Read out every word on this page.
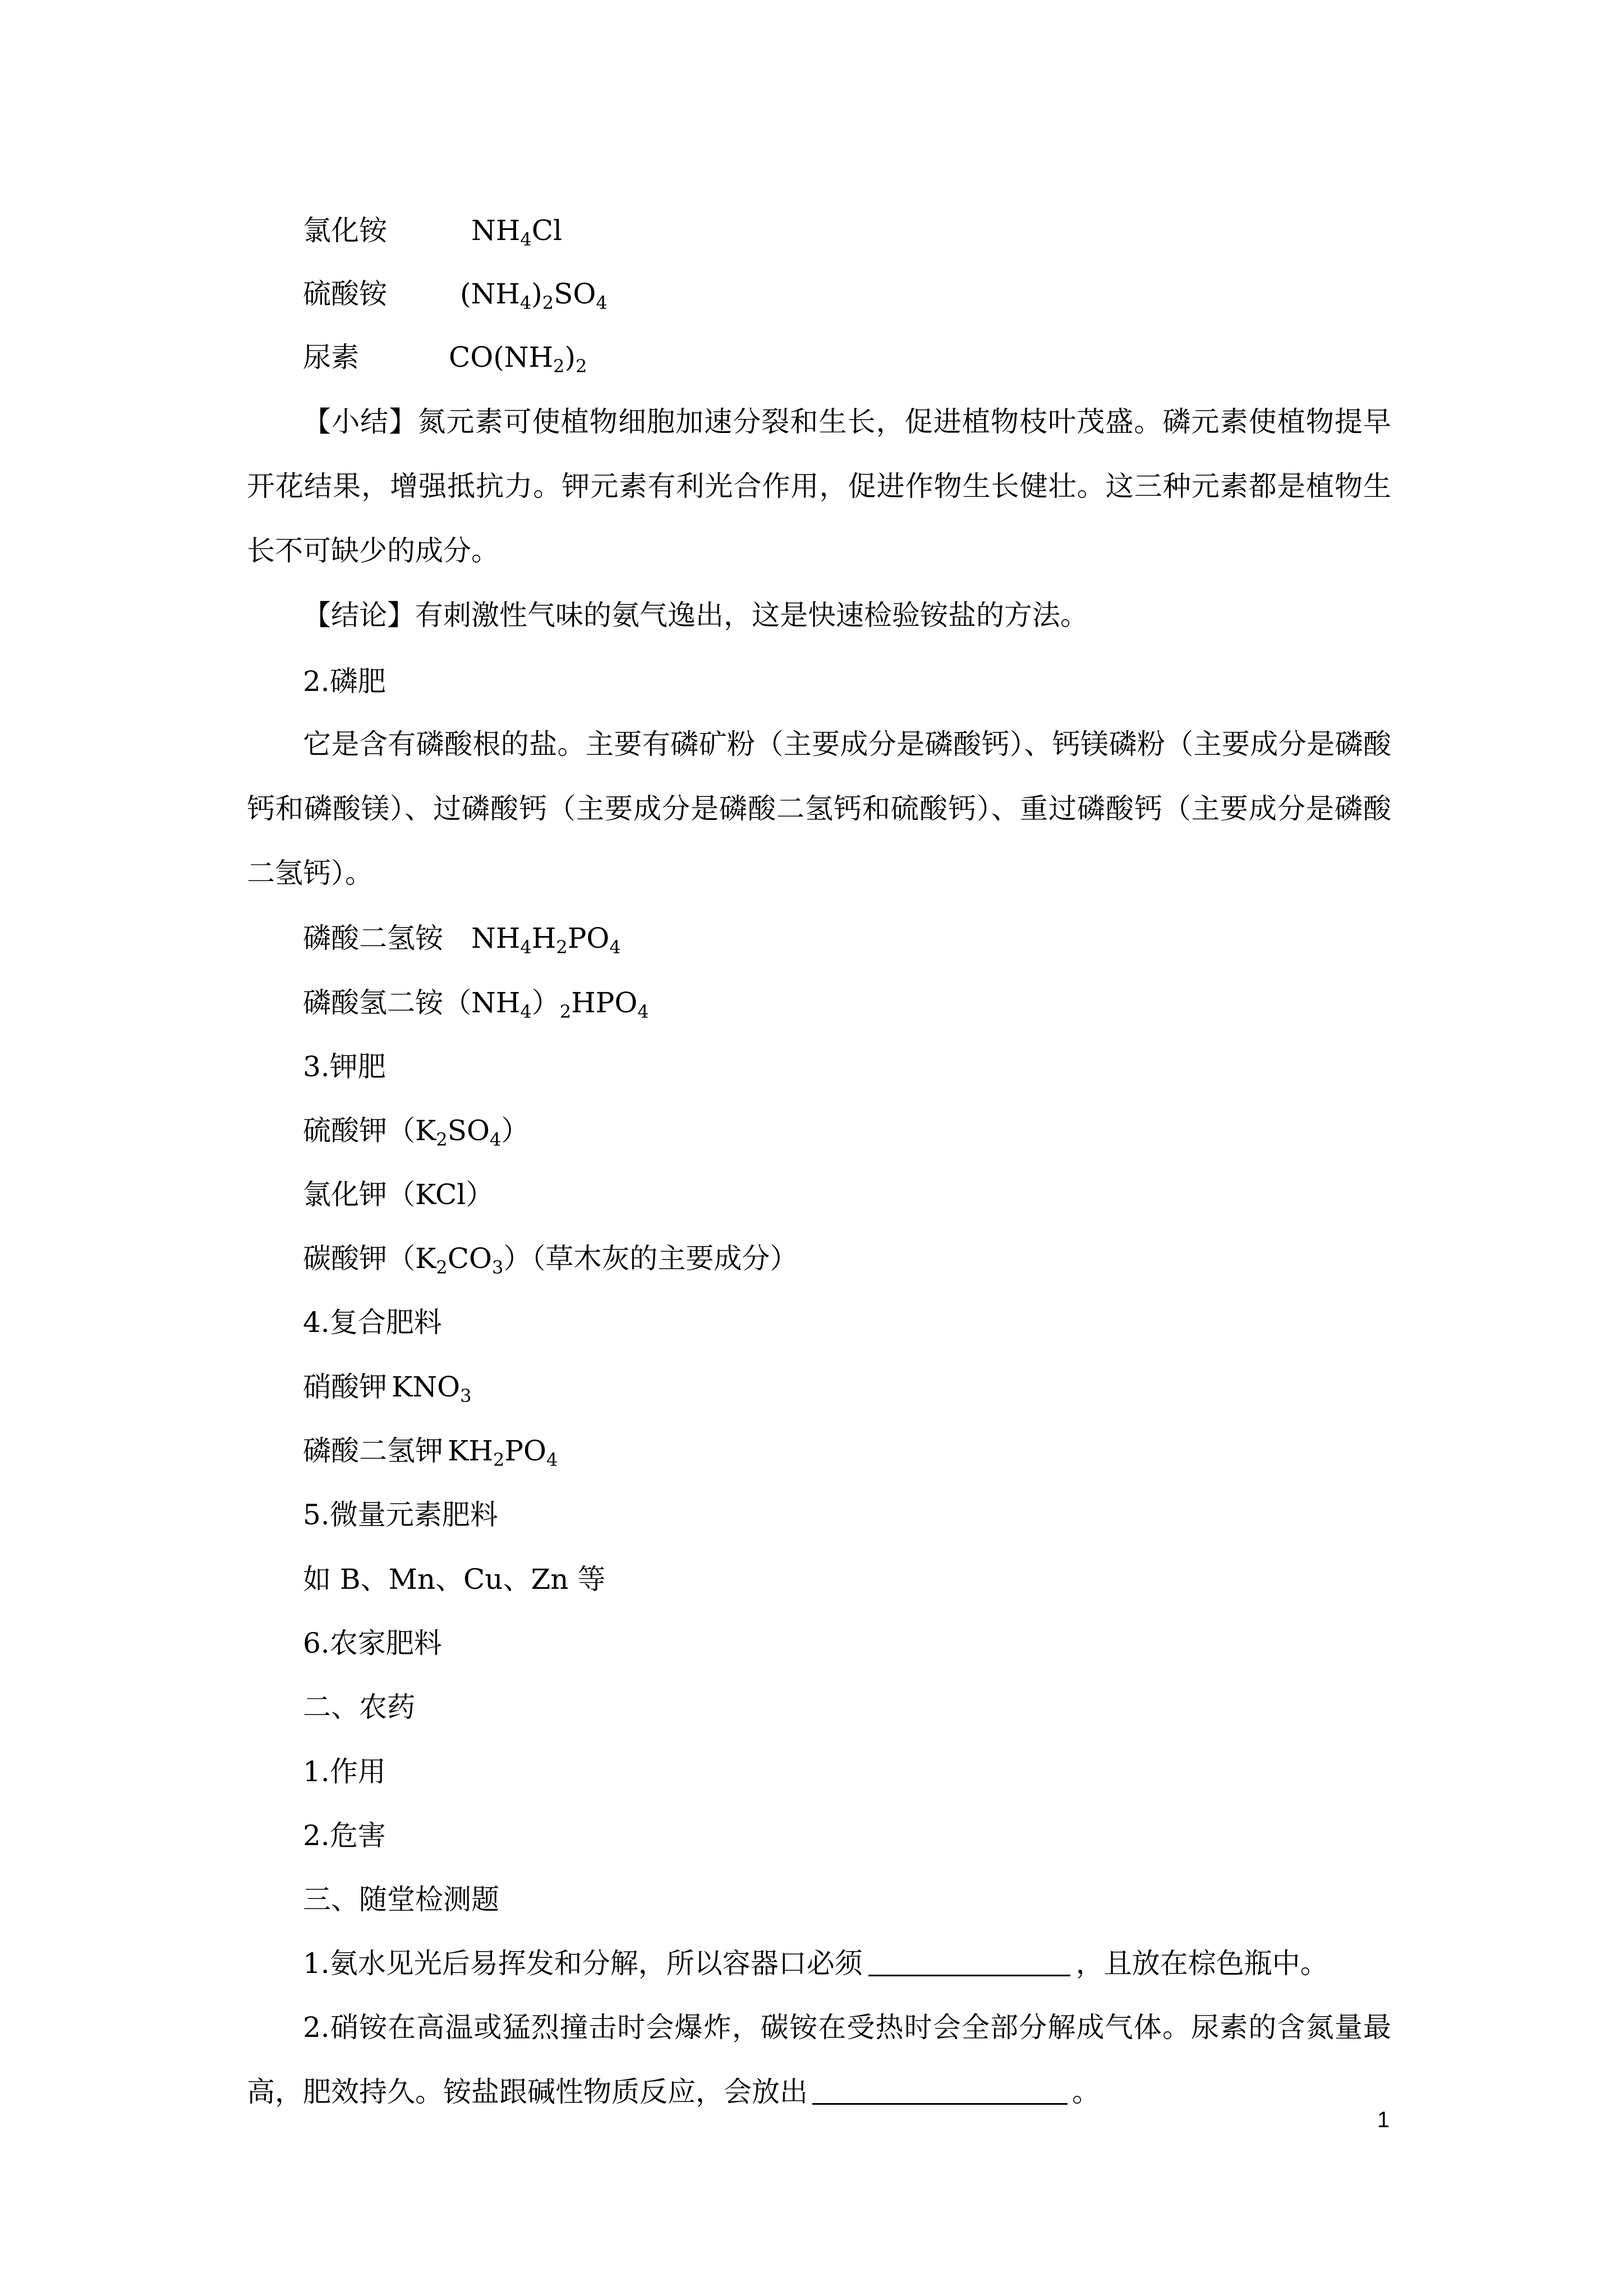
氯化铵	$NH_4Cl$
硫酸铵	$(NH_4)_2SO_4$
尿素	$CO(NH_2)_2$
【小结】氮元素可使植物细胞加速分裂和生长，促进植物枝叶茂盛。磷元素使植物提早开花结果，增强抵抗力。钾元素有利光合作用，促进作物生长健壮。这三种元素都是植物生长不可缺少的成分。
【结论】有刺激性气味的氨气逸出，这是快速检验铵盐的方法。
2.磷肥
它是含有磷酸根的盐。主要有磷矿粉（主要成分是磷酸钙）、钙镁磷粉（主要成分是磷酸钙和磷酸镁）、过磷酸钙（主要成分是磷酸二氢钙和硫酸钙）、重过磷酸钙（主要成分是磷酸二氢钙）。
磷酸二氢铵 $NH_4H_2PO_4$
磷酸氢二铵$(NH_4)_2HPO_4$
3.钾肥
硫酸钾$(K_2SO_4)$
氯化钾（KCl）
碳酸钾$(K_2CO_3)$（草木灰的主要成分）
4.复合肥料
硝酸钾 $KNO_3$
磷酸二氢钾 $KH_2PO_4$
5.微量元素肥料
如 B、Mn、Cu、Zn 等
6.农家肥料
二、农药
1.作用
2.危害
三、随堂检测题
1.氨水见光后易挥发和分解，所以容器口必须	，且放在棕色瓶中。
2.硝铵在高温或猛烈撞击时会爆炸，碳铵在受热时会全部分解成气体。尿素的含氮量最高，肥效持久。铵盐跟碱性物质反应，会放出	。
1
